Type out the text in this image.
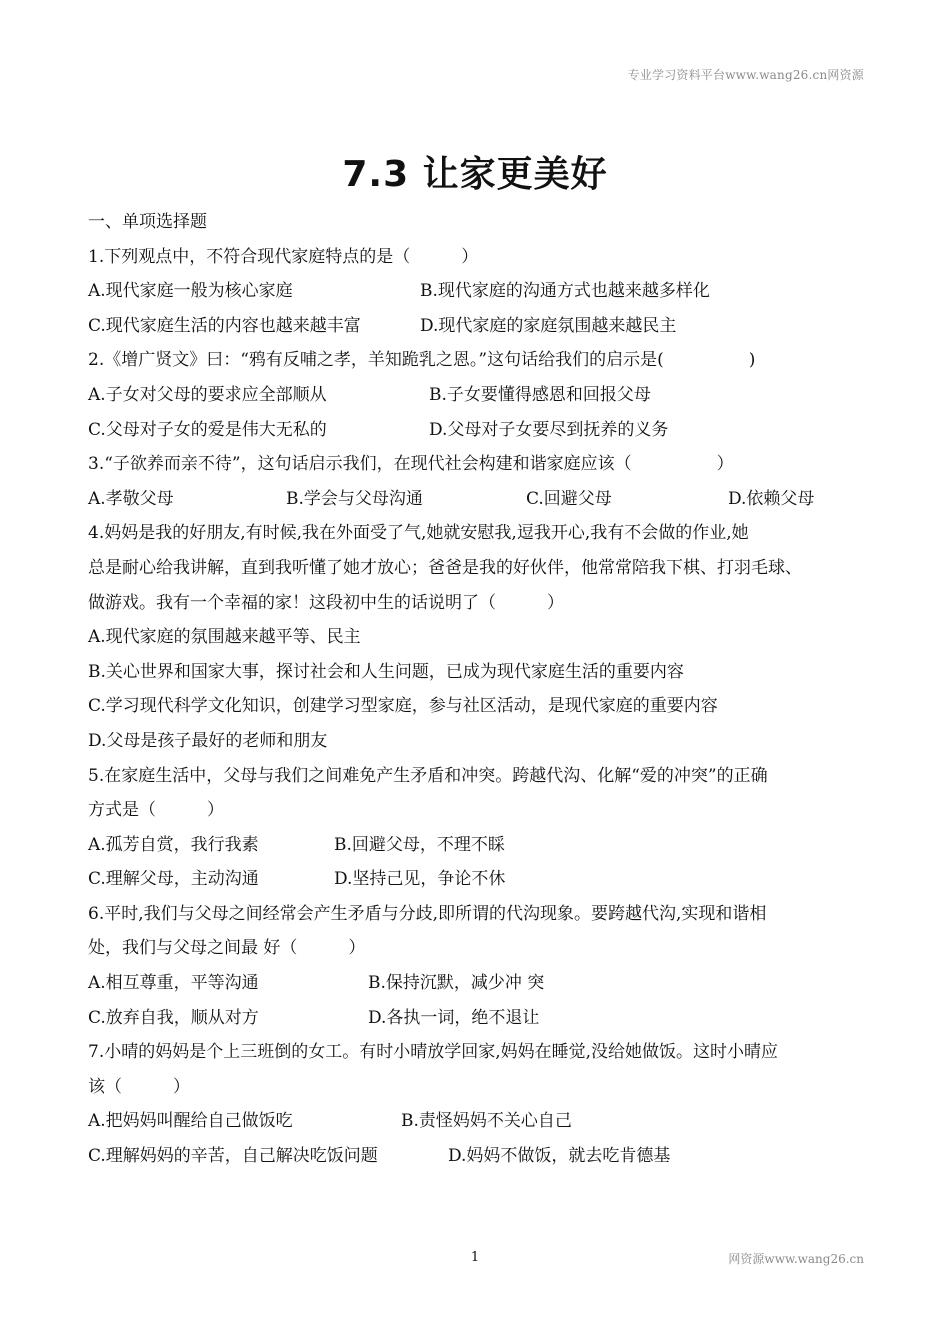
专业学习资料平台www.wang26.cn网资源
7.3 让家更美好
一、单项选择题
1.下列观点中，不符合现代家庭特点的是（　　　）
A.现代家庭一般为核心家庭	B.现代家庭的沟通方式也越来越多样化
C.现代家庭生活的内容也越来越丰富	D.现代家庭的家庭氛围越来越民主
2.《增广贤文》曰：“鸦有反哺之孝，羊知跪乳之恩。”这句话给我们的启示是(　　　　　)
A.子女对父母的要求应全部顺从	B.子女要懂得感恩和回报父母
C.父母对子女的爱是伟大无私的	D.父母对子女要尽到抚养的义务
3.“子欲养而亲不待”，这句话启示我们，在现代社会构建和谐家庭应该（　　　　　）
A.孝敬父母	B.学会与父母沟通	C.回避父母	D.依赖父母
4.妈妈是我的好朋友,有时候,我在外面受了气,她就安慰我,逗我开心,我有不会做的作业,她
总是耐心给我讲解，直到我听懂了她才放心；爸爸是我的好伙伴，他常常陪我下棋、打羽毛球、
做游戏。我有一个幸福的家！这段初中生的话说明了（　　　）
A.现代家庭的氛围越来越平等、民主
B.关心世界和国家大事，探讨社会和人生问题，已成为现代家庭生活的重要内容
C.学习现代科学文化知识，创建学习型家庭，参与社区活动，是现代家庭的重要内容
D.父母是孩子最好的老师和朋友
5.在家庭生活中，父母与我们之间难免产生矛盾和冲突。跨越代沟、化解“爱的冲突”的正确
方式是（　　　）
A.孤芳自赏，我行我素	B.回避父母，不理不睬
C.理解父母，主动沟通	D.坚持己见，争论不休
6.平时,我们与父母之间经常会产生矛盾与分歧,即所谓的代沟现象。要跨越代沟,实现和谐相
处，我们与父母之间最 好（　　　）
A.相互尊重，平等沟通	B.保持沉默，减少冲 突
C.放弃自我，顺从对方	D.各执一词，绝不退让
7.小晴的妈妈是个上三班倒的女工。有时小晴放学回家,妈妈在睡觉,没给她做饭。这时小晴应
该（　　　）
A.把妈妈叫醒给自己做饭吃	B.责怪妈妈不关心自己
C.理解妈妈的辛苦，自己解决吃饭问题	D.妈妈不做饭，就去吃肯德基
1	网资源www.wang26.cn
